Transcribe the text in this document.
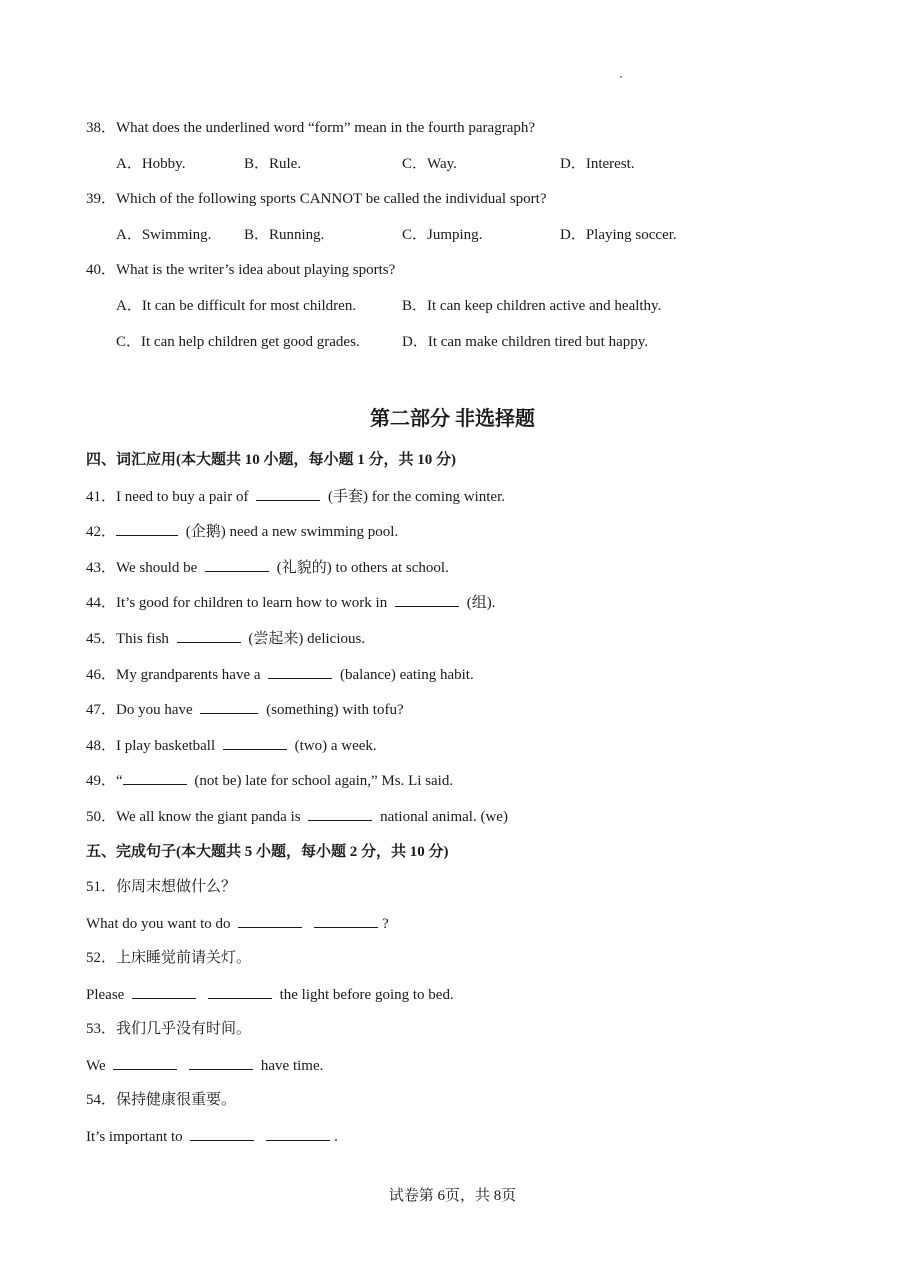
38．What does the underlined word “form” mean in the fourth paragraph?
A．Hobby.	B．Rule.	C．Way.	D．Interest.
39．Which of the following sports CANNOT be called the individual sport?
A．Swimming. B．Running.	C．Jumping.	D．Playing soccer.
40．What is the writer’s idea about playing sports?
A．It can be difficult for most children.	B．It can keep children active and healthy.
C．It can help children get good grades.	D．It can make children tired but happy.
第二部分 非选择题
四、词汇应用(本大题共 10 小题，每小题 1 分，共 10 分)
41．I need to buy a pair of	(手套) for the coming winter.
42．	(企鹅) need a new swimming pool.
43．We should be	(礼貌的) to others at school.
44．It’s good for children to learn how to work in	(组).
45．This fish	(尝起来) delicious.
46．My grandparents have a	(balance) eating habit.
47．Do you have	(something) with tofu?
48．I play basketball	(two) a week.
49．“	(not be) late for school again,” Ms. Li said.
50．We all know the giant panda is	national animal. (we)
五、完成句子(本大题共 5 小题，每小题 2 分，共 10 分)
51．你周末想做什么？
What do you want to do	?
52．上床睡觉前请关灯。
Please	the light before going to bed.
53．我们几乎没有时间。
We	have time.
54．保持健康很重要。
It’s important to	.
试卷第 6页，共 8页
